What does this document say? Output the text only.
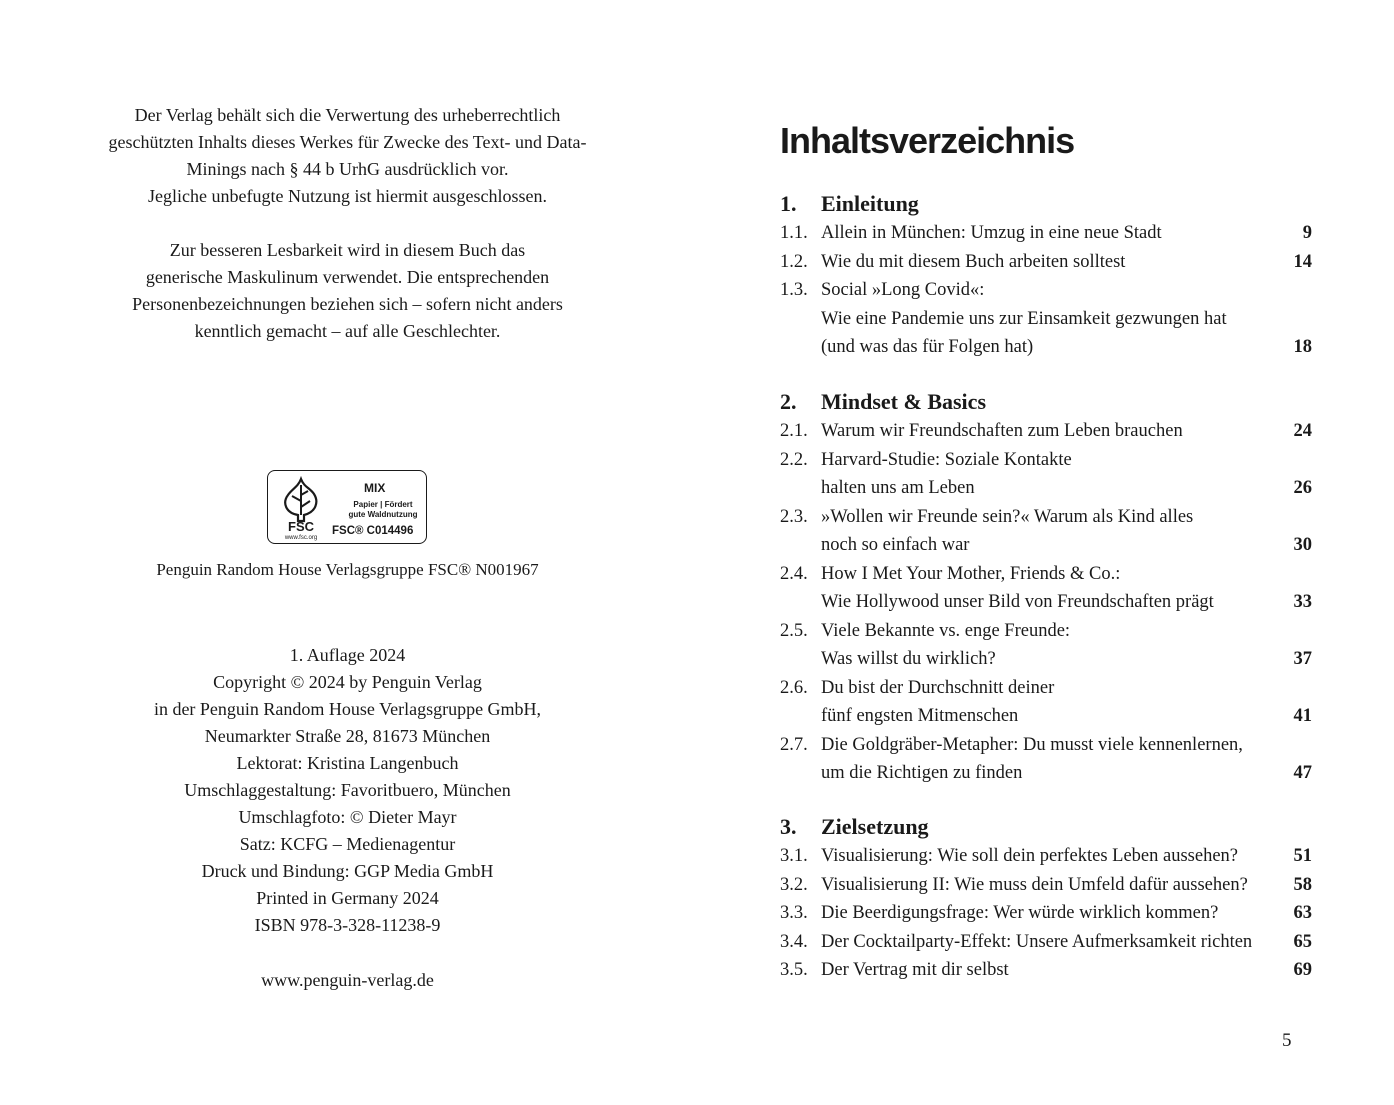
Der Verlag behält sich die Verwertung des urheberrechtlich

geschützten Inhalts dieses Werkes für Zwecke des Text- und Data-

Minings nach § 44 b UrhG ausdrücklich vor.

Jegliche unbefugte Nutzung ist hiermit ausgeschlossen.

Zur besseren Lesbarkeit wird in diesem Buch das

generische Maskulinum verwendet. Die entsprechenden

Personenbezeichnungen beziehen sich – sofern nicht anders

kenntlich gemacht – auf alle Geschlechter.

FSC
www.fsc.org
MIX
Papier | Fördert
gute Waldnutzung
FSC® C014496
Penguin Random House Verlagsgruppe FSC® N001967

1. Auflage 2024

Copyright © 2024 by Penguin Verlag

in der Penguin Random House Verlagsgruppe GmbH,

Neumarkter Straße 28, 81673 München

Lektorat: Kristina Langenbuch

Umschlaggestaltung: Favoritbuero, München

Umschlagfoto: © Dieter Mayr

Satz: KCFG – Medienagentur

Druck und Bindung: GGP Media GmbH

Printed in Germany 2024

ISBN 978-3-328-11238-9

www.penguin-verlag.de
Inhaltsverzeichnis
1. Einleitung
1.1. Allein in München: Umzug in eine neue Stadt	9
1.2. Wie du mit diesem Buch arbeiten solltest	14
1.3. Social »Long Covid«:
Wie eine Pandemie uns zur Einsamkeit gezwungen hat
(und was das für Folgen hat)	18
2. Mindset & Basics
2.1. Warum wir Freundschaften zum Leben brauchen	24
2.2. Harvard-Studie: Soziale Kontakte
halten uns am Leben	26
2.3. »Wollen wir Freunde sein?« Warum als Kind alles
noch so einfach war	30
2.4. How I Met Your Mother, Friends & Co.:
Wie Hollywood unser Bild von Freundschaften prägt	33
2.5. Viele Bekannte vs. enge Freunde:
Was willst du wirklich?	37
2.6. Du bist der Durchschnitt deiner
fünf engsten Mitmenschen	41
2.7. Die Goldgräber-Metapher: Du musst viele kennenlernen,
um die Richtigen zu finden	47
3. Zielsetzung
3.1. Visualisierung: Wie soll dein perfektes Leben aussehen?	51
3.2. Visualisierung II: Wie muss dein Umfeld dafür aussehen?	58
3.3. Die Beerdigungsfrage: Wer würde wirklich kommen?	63
3.4. Der Cocktailparty-Effekt: Unsere Aufmerksamkeit richten	65
3.5. Der Vertrag mit dir selbst	69
5
